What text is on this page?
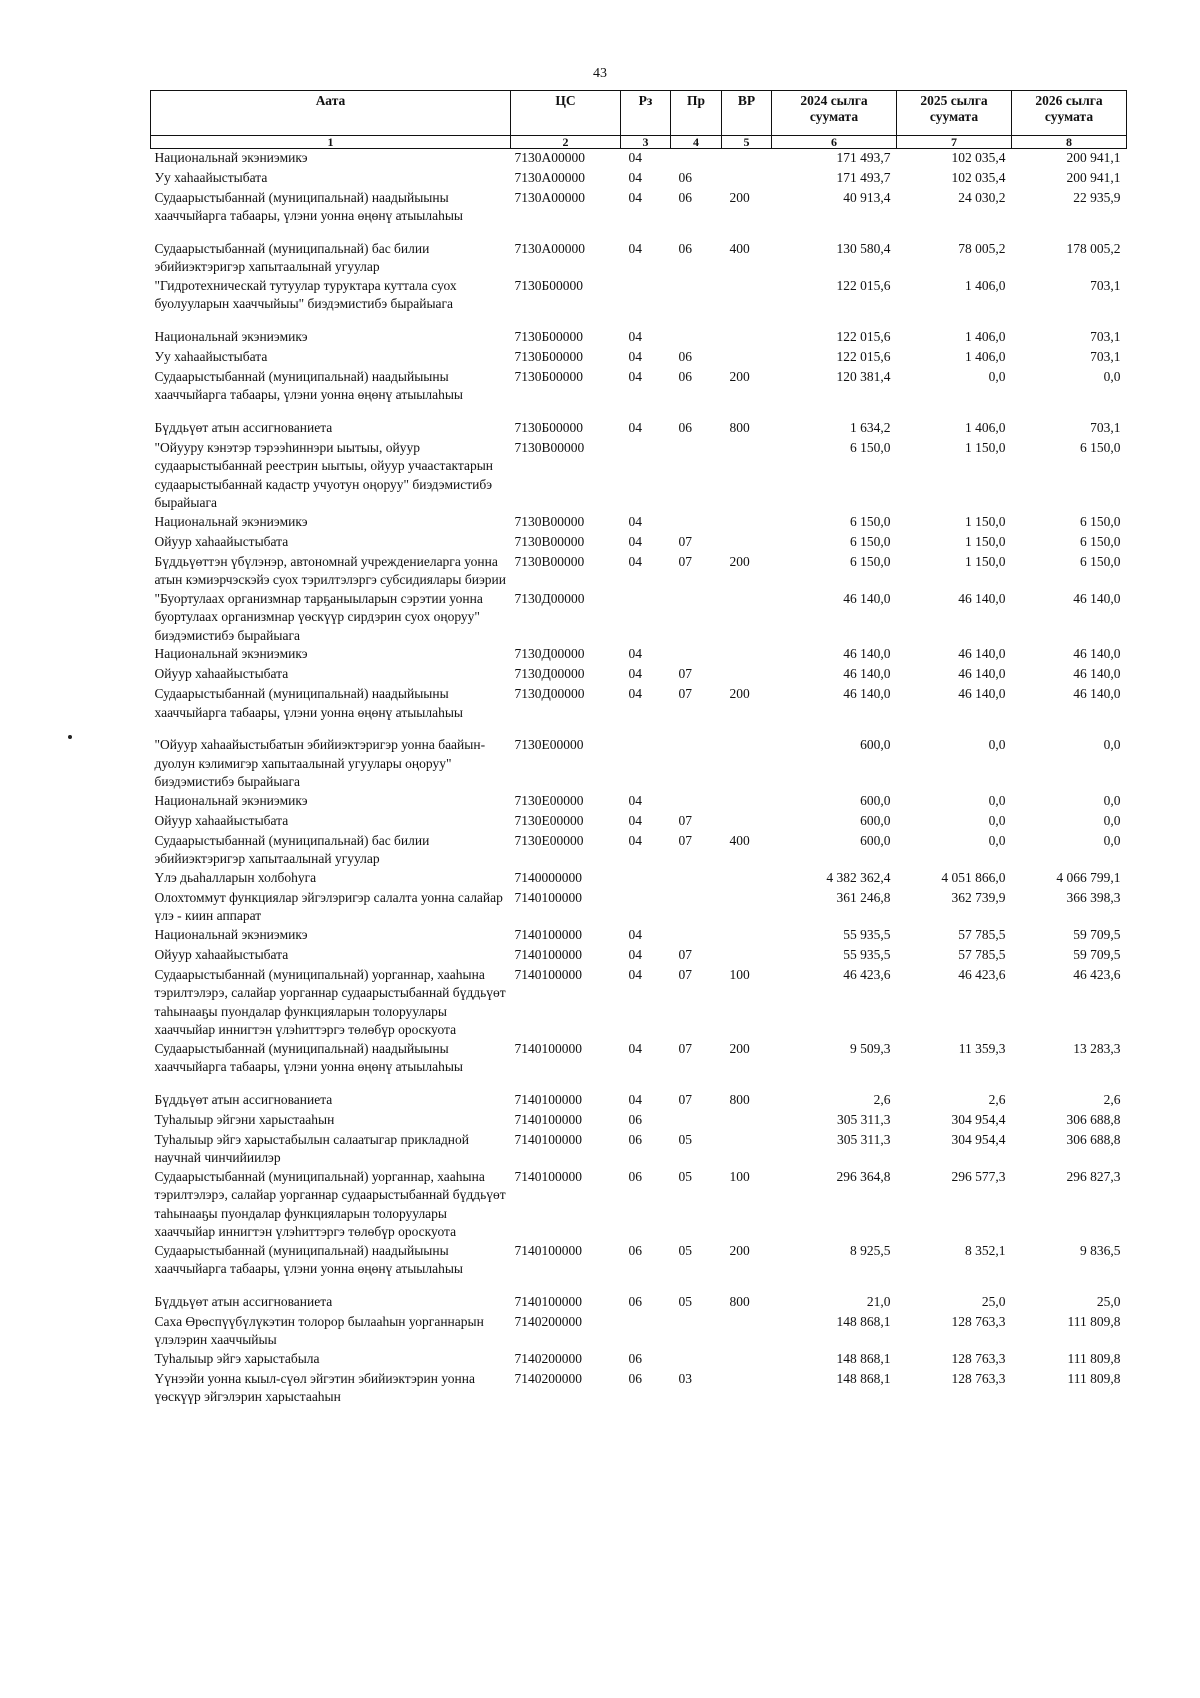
43
Аата	ЦС	Рз	Пр	ВР	2024 сылга суумата	2025 сылга суумата	2026 сылга суумата
1	2	3	4	5	6	7	8
Национальнай экэниэмикэ	7130А00000	04			171 493,7	102 035,4	200 941,1
Уу хаhаайыстыбата	7130А00000	04	06		171 493,7	102 035,4	200 941,1
Судаарыстыбаннай (муниципальнай) наадыйыыны хааччыйарга табаары, үлэни уонна өңөнү атыылаhыы	7130А00000	04	06	200	40 913,4	24 030,2	22 935,9
Судаарыстыбаннай (муниципальнай) бас билии эбийиэктэригэр хапытаалынай угуулар	7130А00000	04	06	400	130 580,4	78 005,2	178 005,2
"Гидротехническай тутуулар туруктара куттала суох буолууларын хааччыйыы" биэдэмистибэ бырайыага	7130Б00000				122 015,6	1 406,0	703,1
Национальнай экэниэмикэ	7130Б00000	04			122 015,6	1 406,0	703,1
Уу хаhаайыстыбата	7130Б00000	04	06		122 015,6	1 406,0	703,1
Судаарыстыбаннай (муниципальнай) наадыйыыны хааччыйарга табаары, үлэни уонна өңөнү атыылаhыы	7130Б00000	04	06	200	120 381,4	0,0	0,0
Бүддьүөт атын ассигнованиета	7130Б00000	04	06	800	1 634,2	1 406,0	703,1
"Ойууру кэнэтэр тэрээhиннэри ыытыы, ойуур судаарыстыбаннай реестрин ыытыы, ойуур учаастактарын судаарыстыбаннай кадастр учуотун оңоруу" биэдэмистибэ бырайыага	7130В00000				6 150,0	1 150,0	6 150,0
Национальнай экэниэмикэ	7130В00000	04			6 150,0	1 150,0	6 150,0
Ойуур хаhаайыстыбата	7130В00000	04	07		6 150,0	1 150,0	6 150,0
Бүддьүөттэн үбүлэнэр, автономнай учреждениеларга уонна атын кэмиэрчэскэйэ суох тэрилтэлэргэ субсидиялары биэрии	7130В00000	04	07	200	6 150,0	1 150,0	6 150,0
"Буортулаах организмнар тарҕаныыларын сэрэтии уонна буортулаах организмнар үөскүүр сирдэрин суох оңоруу" биэдэмистибэ бырайыага	7130Д00000				46 140,0	46 140,0	46 140,0
Национальнай экэниэмикэ	7130Д00000	04			46 140,0	46 140,0	46 140,0
Ойуур хаhаайыстыбата	7130Д00000	04	07		46 140,0	46 140,0	46 140,0
Судаарыстыбаннай (муниципальнай) наадыйыыны хааччыйарга табаары, үлэни уонна өңөнү атыылаhыы	7130Д00000	04	07	200	46 140,0	46 140,0	46 140,0
"Ойуур хаhаайыстыбатын эбийиэктэригэр уонна баайын-дуолун кэлимигэр хапытаалынай угуулары оңоруу" биэдэмистибэ бырайыага	7130Е00000				600,0	0,0	0,0
Национальнай экэниэмикэ	7130Е00000	04			600,0	0,0	0,0
Ойуур хаhаайыстыбата	7130Е00000	04	07		600,0	0,0	0,0
Судаарыстыбаннай (муниципальнай) бас билии эбийиэктэригэр хапытаалынай угуулар	7130Е00000	04	07	400	600,0	0,0	0,0
Үлэ дьаhалларын холбоhуга	7140000000				4 382 362,4	4 051 866,0	4 066 799,1
Олохтоммут функциялар эйгэлэригэр салалта уонна салайар үлэ - киин аппарат	7140100000				361 246,8	362 739,9	366 398,3
Национальнай экэниэмикэ	7140100000	04			55 935,5	57 785,5	59 709,5
Ойуур хаhаайыстыбата	7140100000	04	07		55 935,5	57 785,5	59 709,5
Судаарыстыбаннай (муниципальнай) уорганнар, хааhына тэрилтэлэрэ, салайар уорганнар судаарыстыбаннай бүддьүөт таhынааҕы пуондалар функцияларын толоруулары хааччыйар иннигтэн үлэhиттэргэ төлөбүр ороскуота	7140100000	04	07	100	46 423,6	46 423,6	46 423,6
Судаарыстыбаннай (муниципальнай) наадыйыыны хааччыйарга табаары, үлэни уонна өңөнү атыылаhыы	7140100000	04	07	200	9 509,3	11 359,3	13 283,3
Бүддьүөт атын ассигнованиета	7140100000	04	07	800	2,6	2,6	2,6
Туhалыыр эйгэни харыстааhын	7140100000	06			305 311,3	304 954,4	306 688,8
Туhалыыр эйгэ харыстабылын салаатыгар прикладной научнай чинчийиилэр	7140100000	06	05		305 311,3	304 954,4	306 688,8
Судаарыстыбаннай (муниципальнай) уорганнар, хааhына тэрилтэлэрэ, салайар уорганнар судаарыстыбаннай бүддьүөт таhынааҕы пуондалар функцияларын толоруулары хааччыйар иннигтэн үлэhиттэргэ төлөбүр ороскуота	7140100000	06	05	100	296 364,8	296 577,3	296 827,3
Судаарыстыбаннай (муниципальнай) наадыйыыны хааччыйарга табаары, үлэни уонна өңөнү атыылаhыы	7140100000	06	05	200	8 925,5	8 352,1	9 836,5
Бүддьүөт атын ассигнованиета	7140100000	06	05	800	21,0	25,0	25,0
Саха Өрөспүүбүлүкэтин толорор былааhын уорганнарын үлэлэрин хааччыйыы	7140200000				148 868,1	128 763,3	111 809,8
Туhалыыр эйгэ харыстабыла	7140200000	06			148 868,1	128 763,3	111 809,8
Үүнээйи уонна кыыл-сүөл эйгэтин эбийиэктэрин уонна үөскүүр эйгэлэрин харыстааhын	7140200000	06	03		148 868,1	128 763,3	111 809,8
